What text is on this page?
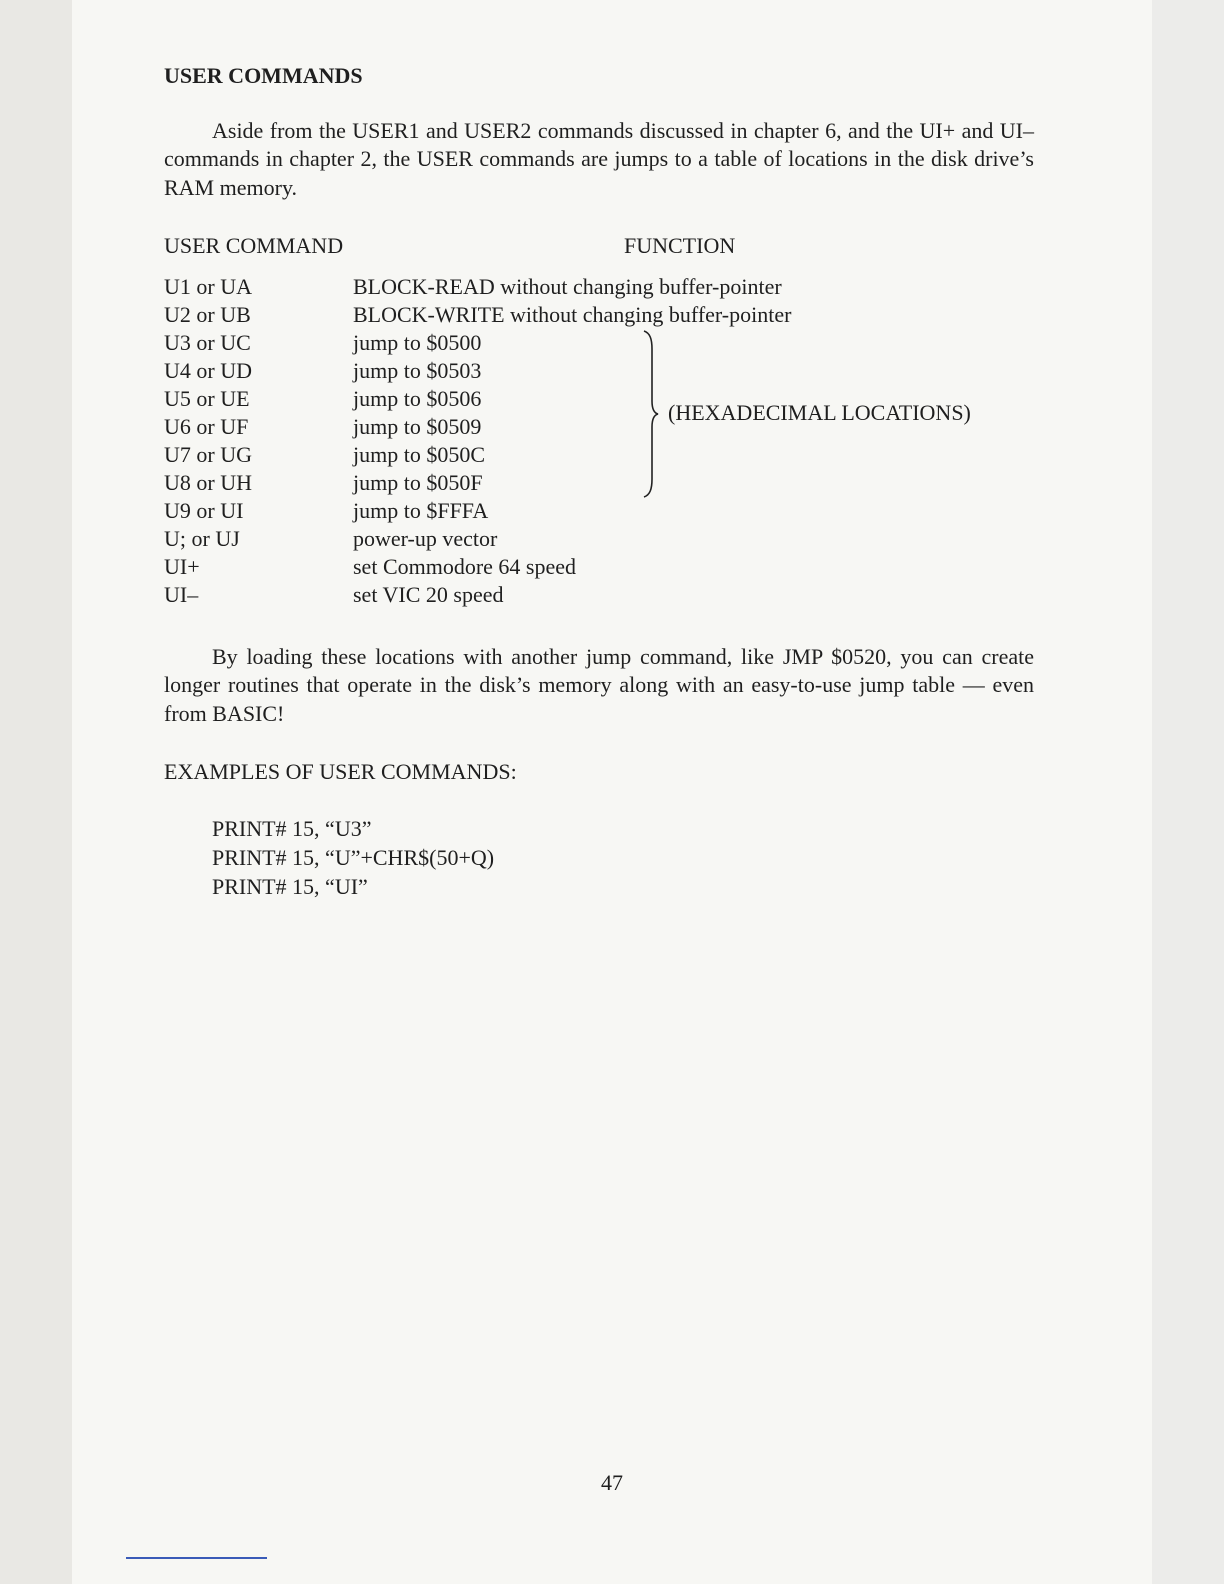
USER COMMANDS

Aside from the USER1 and USER2 commands discussed in chapter 6, and the UI+ and UI– commands in chapter 2, the USER commands are jumps to a table of locations in the disk drive’s RAM memory.

USER COMMAND	FUNCTION
U1 or UA	BLOCK-READ without changing buffer-pointer
U2 or UB	BLOCK-WRITE without changing buffer-pointer
U3 or UC	jump to $0500
U4 or UD	jump to $0503
U5 or UE	jump to $0506
U6 or UF	jump to $0509
U7 or UG	jump to $050C
U8 or UH	jump to $050F
U9 or UI	jump to $FFFA
U; or UJ	power-up vector
UI+	set Commodore 64 speed
UI–	set VIC 20 speed
(HEXADECIMAL LOCATIONS)

By loading these locations with another jump command, like JMP $0520, you can create longer routines that operate in the disk’s memory along with an easy-to-use jump table — even from BASIC!

EXAMPLES OF USER COMMANDS:
PRINT# 15, “U3”
PRINT# 15, “U”+CHR$(50+Q)
PRINT# 15, “UI”
47
